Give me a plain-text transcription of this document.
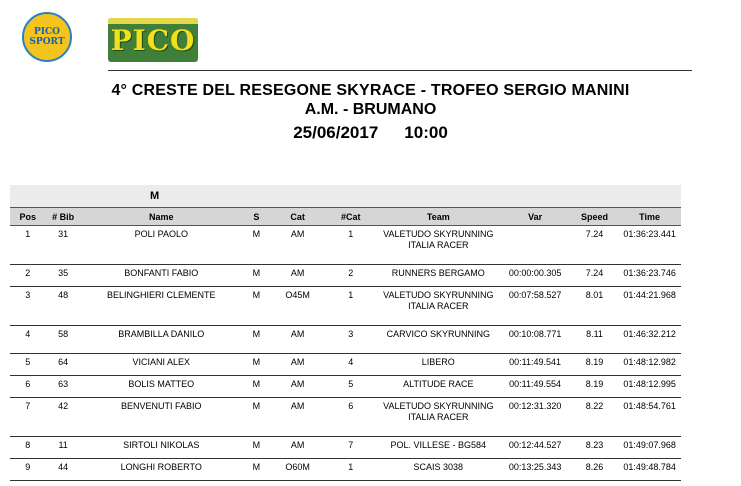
PICO
SPORT PICO
4° CRESTE DEL RESEGONE SKYRACE - TROFEO SERGIO MANINI
A.M. - BRUMANO
25/06/2017 10:00
M									
Pos	# Bib	Name	S	Cat	#Cat	Team	Var	Speed	Time
1	31	POLI PAOLO	M	AM	1	VALETUDO SKYRUNNING ITALIA RACER		7.24	01:36:23.441
2	35	BONFANTI FABIO	M	AM	2	RUNNERS BERGAMO	00:00:00.305	7.24	01:36:23.746
3	48	BELINGHIERI CLEMENTE	M	O45M	1	VALETUDO SKYRUNNING ITALIA RACER	00:07:58.527	8.01	01:44:21.968
4	58	BRAMBILLA DANILO	M	AM	3	CARVICO SKYRUNNING	00:10:08.771	8.11	01:46:32.212
5	64	VICIANI ALEX	M	AM	4	LIBERO	00:11:49.541	8.19	01:48:12.982
6	63	BOLIS MATTEO	M	AM	5	ALTITUDE RACE	00:11:49.554	8.19	01:48:12.995
7	42	BENVENUTI FABIO	M	AM	6	VALETUDO SKYRUNNING ITALIA RACER	00:12:31.320	8.22	01:48:54.761
8	11	SIRTOLI NIKOLAS	M	AM	7	POL. VILLESE - BG584	00:12:44.527	8.23	01:49:07.968
9	44	LONGHI ROBERTO	M	O60M	1	SCAIS 3038	00:13:25.343	8.26	01:49:48.784
